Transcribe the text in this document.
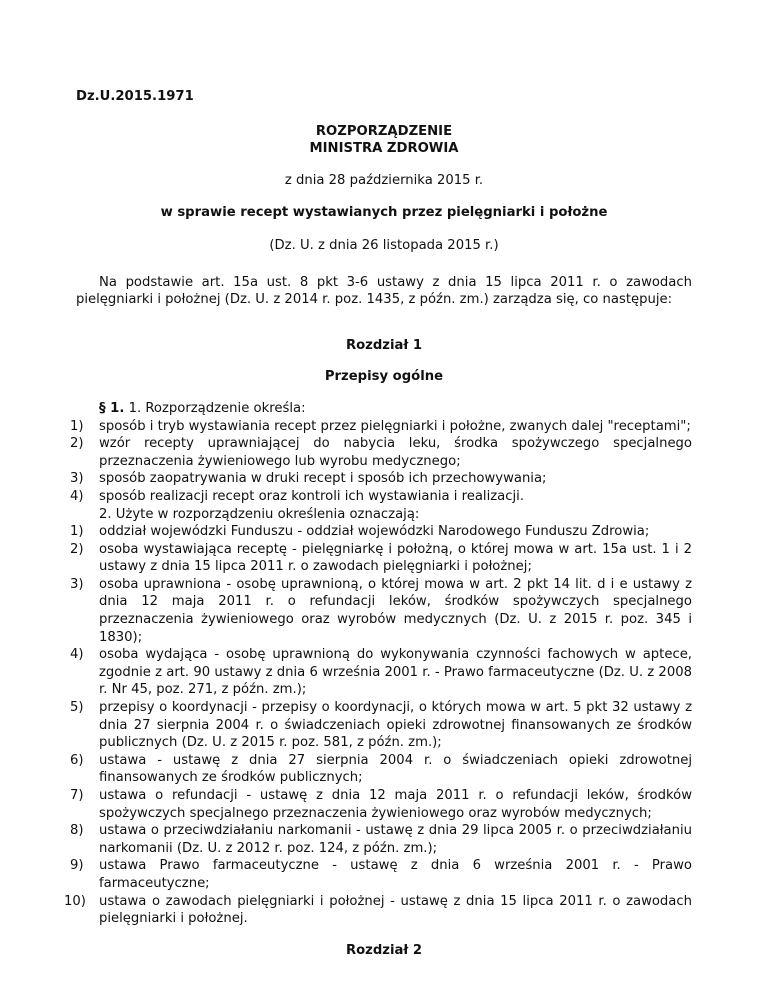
Dz.U.2015.1971
ROZPORZĄDZENIE
MINISTRA ZDROWIA
z dnia 28 października 2015 r.
w sprawie recept wystawianych przez pielęgniarki i położne
(Dz. U. z dnia 26 listopada 2015 r.)
Na podstawie art. 15a ust. 8 pkt 3-6 ustawy z dnia 15 lipca 2011 r. o zawodach pielęgniarki i położnej (Dz. U. z 2014 r. poz. 1435, z późn. zm.) zarządza się, co następuje:
Rozdział 1
Przepisy ogólne
§ 1. 1. Rozporządzenie określa:
1)	sposób i tryb wystawiania recept przez pielęgniarki i położne, zwanych dalej "receptami";
2)	wzór recepty uprawniającej do nabycia leku, środka spożywczego specjalnego przeznaczenia żywieniowego lub wyrobu medycznego;
3)	sposób zaopatrywania w druki recept i sposób ich przechowywania;
4)	sposób realizacji recept oraz kontroli ich wystawiania i realizacji.
2. Użyte w rozporządzeniu określenia oznaczają:
1)	oddział wojewódzki Funduszu - oddział wojewódzki Narodowego Funduszu Zdrowia;
2)	osoba wystawiająca receptę - pielęgniarkę i położną, o której mowa w art. 15a ust. 1 i 2 ustawy z dnia 15 lipca 2011 r. o zawodach pielęgniarki i położnej;
3)	osoba uprawniona - osobę uprawnioną, o której mowa w art. 2 pkt 14 lit. d i e ustawy z dnia 12 maja 2011 r. o refundacji leków, środków spożywczych specjalnego przeznaczenia żywieniowego oraz wyrobów medycznych (Dz. U. z 2015 r. poz. 345 i 1830);
4)	osoba wydająca - osobę uprawnioną do wykonywania czynności fachowych w aptece, zgodnie z art. 90 ustawy z dnia 6 września 2001 r. - Prawo farmaceutyczne (Dz. U. z 2008 r. Nr 45, poz. 271, z późn. zm.);
5)	przepisy o koordynacji - przepisy o koordynacji, o których mowa w art. 5 pkt 32 ustawy z dnia 27 sierpnia 2004 r. o świadczeniach opieki zdrowotnej finansowanych ze środków publicznych (Dz. U. z 2015 r. poz. 581, z późn. zm.);
6)	ustawa - ustawę z dnia 27 sierpnia 2004 r. o świadczeniach opieki zdrowotnej finansowanych ze środków publicznych;
7)	ustawa o refundacji - ustawę z dnia 12 maja 2011 r. o refundacji leków, środków spożywczych specjalnego przeznaczenia żywieniowego oraz wyrobów medycznych;
8)	ustawa o przeciwdziałaniu narkomanii - ustawę z dnia 29 lipca 2005 r. o przeciwdziałaniu narkomanii (Dz. U. z 2012 r. poz. 124, z późn. zm.);
9)	ustawa Prawo farmaceutyczne - ustawę z dnia 6 września 2001 r. - Prawo farmaceutyczne;
10) ustawa o zawodach pielęgniarki i położnej - ustawę z dnia 15 lipca 2011 r. o zawodach pielęgniarki i położnej.
Rozdział 2
